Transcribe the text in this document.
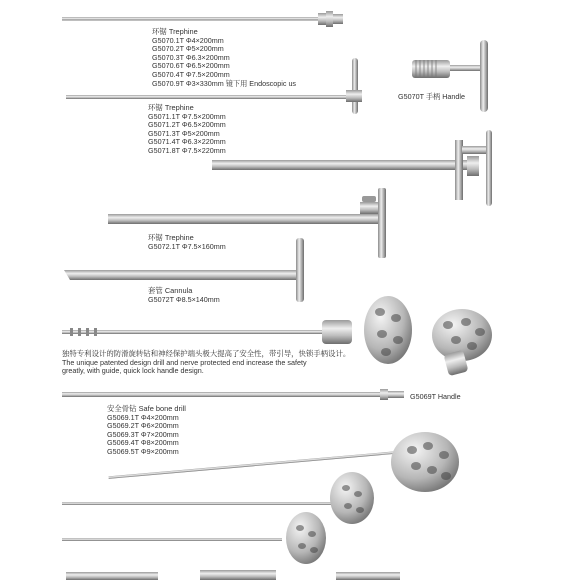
环锯 Trephine
G5070.1T Φ4×200mm
G5070.2T Φ5×200mm
G5070.3T Φ6.3×200mm
G5070.6T Φ6.5×200mm
G5070.4T Φ7.5×200mm
G5070.9T Φ3×330mm 镜下用 Endoscopic us
G5070T 手柄 Handle
环锯 Trephine
G5071.1T Φ7.5×200mm
G5071.2T Φ6.5×200mm
G5071.3T Φ5×200mm
G5071.4T Φ6.3×220mm
G5071.8T Φ7.5×220mm
环锯 Trephine
G5072.1T Φ7.5×160mm
套管 Cannula
G5072T Φ8.5×140mm
独特专利设计的防滑旋转钻和神经保护端头极大提高了安全性，带引导，快锁手柄设计。
The unique patented design drill and nerve protected end increase the safety
greatly, with guide, quick lock handle design.
G5069T Handle
安全骨钻 Safe bone drill
G5069.1T Φ4×200mm
G5069.2T Φ6×200mm
G5069.3T Φ7×200mm
G5069.4T Φ8×200mm
G5069.5T Φ9×200mm
